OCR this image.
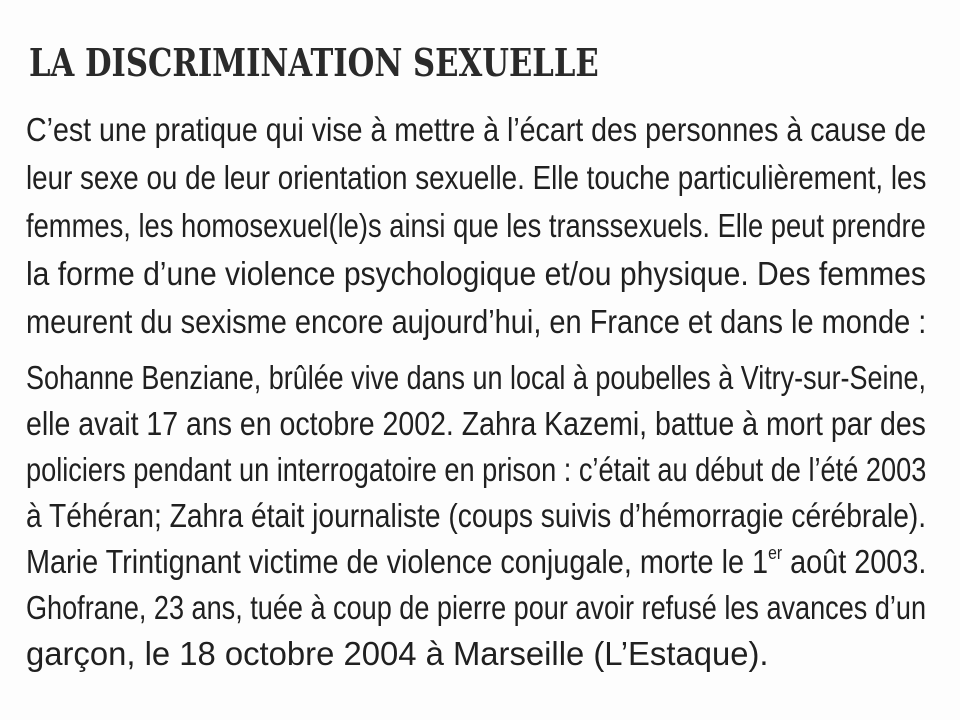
LA DISCRIMINATION SEXUELLE
C’est une pratique qui vise à mettre à l’écart des personnes à cause de
leur sexe ou de leur orientation sexuelle. Elle touche particulièrement, les
femmes, les homosexuel(le)s ainsi que les transsexuels. Elle peut prendre
la forme d’une violence psychologique et/ou physique. Des femmes
meurent du sexisme encore aujourd’hui, en France et dans le monde :
Sohanne Benziane, brûlée vive dans un local à poubelles à Vitry-sur-Seine,
elle avait 17 ans en octobre 2002. Zahra Kazemi, battue à mort par des
policiers pendant un interrogatoire en prison : c’était au début de l’été 2003
à Téhéran; Zahra était journaliste (coups suivis d’hémorragie cérébrale).
Marie Trintignant victime de violence conjugale, morte le 1er août 2003.
Ghofrane, 23 ans, tuée à coup de pierre pour avoir refusé les avances d’un
garçon, le 18 octobre 2004 à Marseille (L’Estaque).
